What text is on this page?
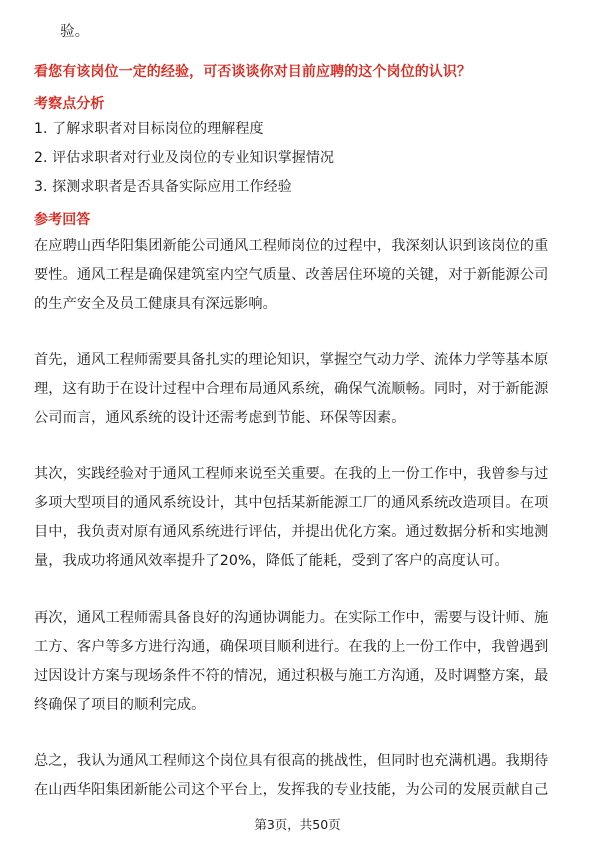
验。
看您有该岗位一定的经验，可否谈谈你对目前应聘的这个岗位的认识？
考察点分析
1. 了解求职者对目标岗位的理解程度
2. 评估求职者对行业及岗位的专业知识掌握情况
3. 探测求职者是否具备实际应用工作经验
参考回答
在应聘山西华阳集团新能公司通风工程师岗位的过程中，我深刻认识到该岗位的重
要性。通风工程是确保建筑室内空气质量、改善居住环境的关键，对于新能源公司
的生产安全及员工健康具有深远影响。
首先，通风工程师需要具备扎实的理论知识，掌握空气动力学、流体力学等基本原
理，这有助于在设计过程中合理布局通风系统，确保气流顺畅。同时，对于新能源
公司而言，通风系统的设计还需考虑到节能、环保等因素。
其次，实践经验对于通风工程师来说至关重要。在我的上一份工作中，我曾参与过
多项大型项目的通风系统设计，其中包括某新能源工厂的通风系统改造项目。在项
目中，我负责对原有通风系统进行评估，并提出优化方案。通过数据分析和实地测
量，我成功将通风效率提升了20%，降低了能耗，受到了客户的高度认可。
再次，通风工程师需具备良好的沟通协调能力。在实际工作中，需要与设计师、施
工方、客户等多方进行沟通，确保项目顺利进行。在我的上一份工作中，我曾遇到
过因设计方案与现场条件不符的情况，通过积极与施工方沟通，及时调整方案，最
终确保了项目的顺利完成。
总之，我认为通风工程师这个岗位具有很高的挑战性，但同时也充满机遇。我期待
在山西华阳集团新能公司这个平台上，发挥我的专业技能，为公司的发展贡献自己
第3页，共50页
